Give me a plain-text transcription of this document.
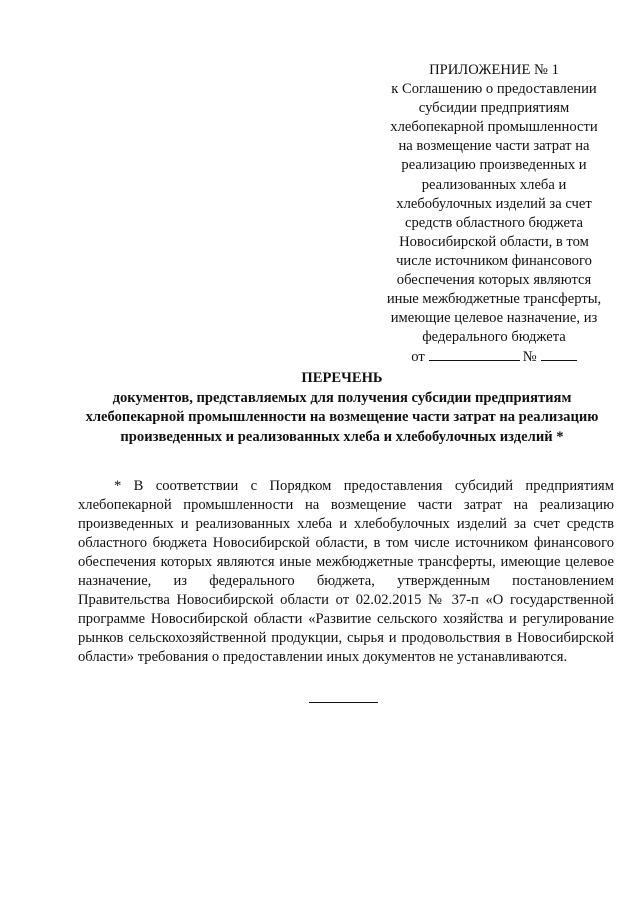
ПРИЛОЖЕНИЕ № 1
к Соглашению о предоставлении
субсидии предприятиям
хлебопекарной промышленности
на возмещение части затрат на
реализацию произведенных и
реализованных хлеба и
хлебобулочных изделий за счет
средств областного бюджета
Новосибирской области, в том
числе источником финансового
обеспечения которых являются
иные межбюджетные трансферты,
имеющие целевое назначение, из
федерального бюджета
от	№
ПЕРЕЧЕНЬ
документов, представляемых для получения субсидии предприятиям
хлебопекарной промышленности на возмещение части затрат на реализацию
произведенных и реализованных хлеба и хлебобулочных изделий *

* В соответствии с Порядком предоставления субсидий предприятиям хлебопекарной промышленности на возмещение части затрат на реализацию произведенных и реализованных хлеба и хлебобулочных изделий за счет средств областного бюджета Новосибирской области, в том числе источником финансового обеспечения которых являются иные межбюджетные трансферты, имеющие целевое назначение, из федерального бюджета, утвержденным постановлением Правительства Новосибирской области от 02.02.2015 № 37-п «О государственной программе Новосибирской области «Развитие сельского хозяйства и регулирование рынков сельскохозяйственной продукции, сырья и продовольствия в Новосибирской области» требования о предоставлении иных документов не устанавливаются.
